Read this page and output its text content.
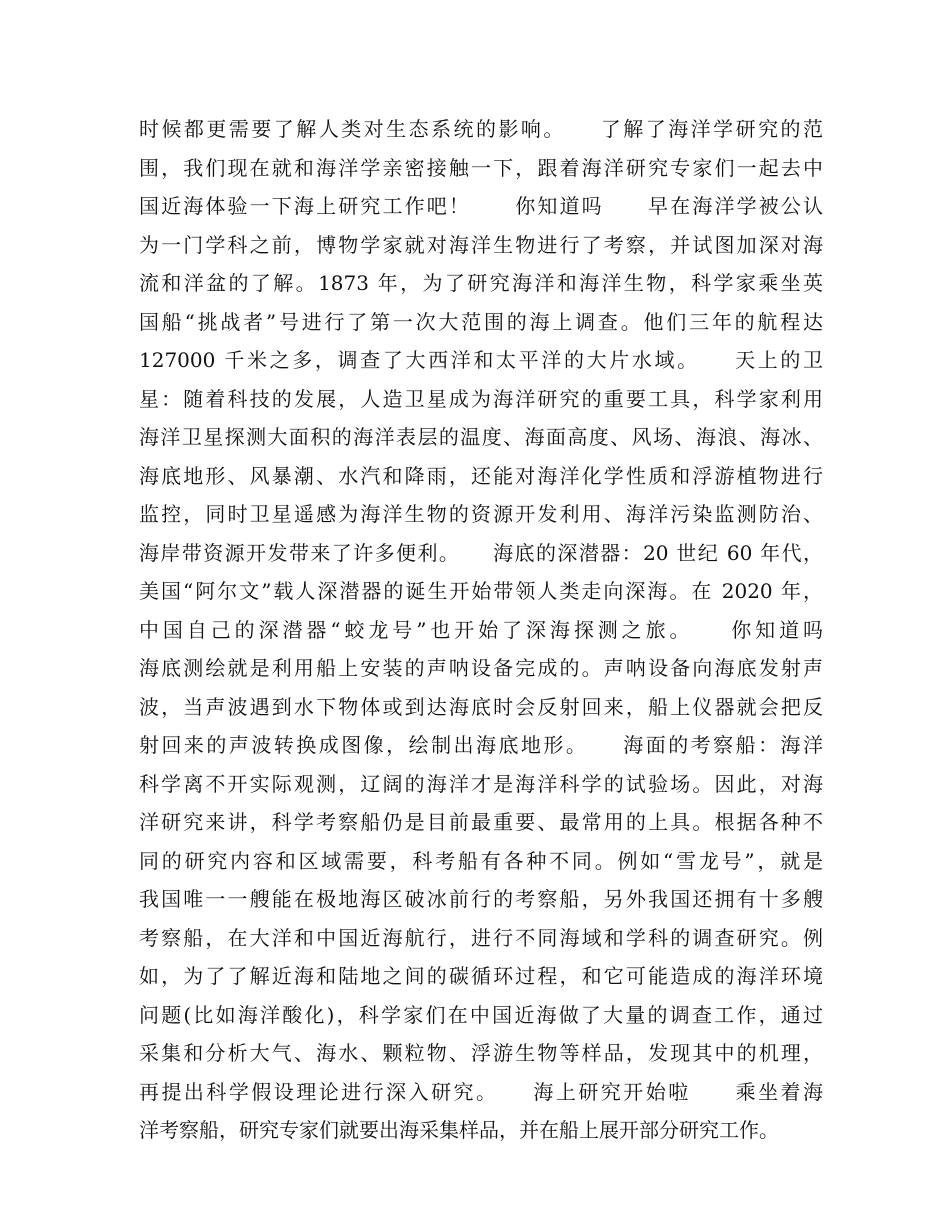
时候都更需要了解人类对生态系统的影响。　　了解了海洋学研究的范
围，我们现在就和海洋学亲密接触一下，跟着海洋研究专家们一起去中
国近海体验一下海上研究工作吧！　　你知道吗　　早在海洋学被公认
为一门学科之前，博物学家就对海洋生物进行了考察，并试图加深对海
流和洋盆的了解。1873 年，为了研究海洋和海洋生物，科学家乘坐英
国船“挑战者”号进行了第一次大范围的海上调查。他们三年的航程达
127000 千米之多，调查了大西洋和太平洋的大片水域。　　天上的卫
星：随着科技的发展，人造卫星成为海洋研究的重要工具，科学家利用
海洋卫星探测大面积的海洋表层的温度、海面高度、风场、海浪、海冰、
海底地形、风暴潮、水汽和降雨，还能对海洋化学性质和浮游植物进行
监控，同时卫星遥感为海洋生物的资源开发利用、海洋污染监测防治、
海岸带资源开发带来了许多便利。　　海底的深潜器：20 世纪 60 年代，
美国“阿尔文”载人深潜器的诞生开始带领人类走向深海。在 2020 年，
中国自己的深潜器“蛟龙号”也开始了深海探测之旅。　　你知道吗
海底测绘就是利用船上安装的声呐设备完成的。声呐设备向海底发射声
波，当声波遇到水下物体或到达海底时会反射回来，船上仪器就会把反
射回来的声波转换成图像，绘制出海底地形。　　海面的考察船：海洋
科学离不开实际观测，辽阔的海洋才是海洋科学的试验场。因此，对海
洋研究来讲，科学考察船仍是目前最重要、最常用的上具。根据各种不
同的研究内容和区域需要，科考船有各种不同。例如“雪龙号”，就是
我国唯一一艘能在极地海区破冰前行的考察船，另外我国还拥有十多艘
考察船，在大洋和中国近海航行，进行不同海域和学科的调查研究。例
如，为了了解近海和陆地之间的碳循环过程，和它可能造成的海洋环境
问题(比如海洋酸化)，科学家们在中国近海做了大量的调查工作，通过
采集和分析大气、海水、颗粒物、浮游生物等样品，发现其中的机理，
再提出科学假设理论进行深入研究。　　海上研究开始啦　　乘坐着海
洋考察船，研究专家们就要出海采集样品，并在船上展开部分研究工作。
